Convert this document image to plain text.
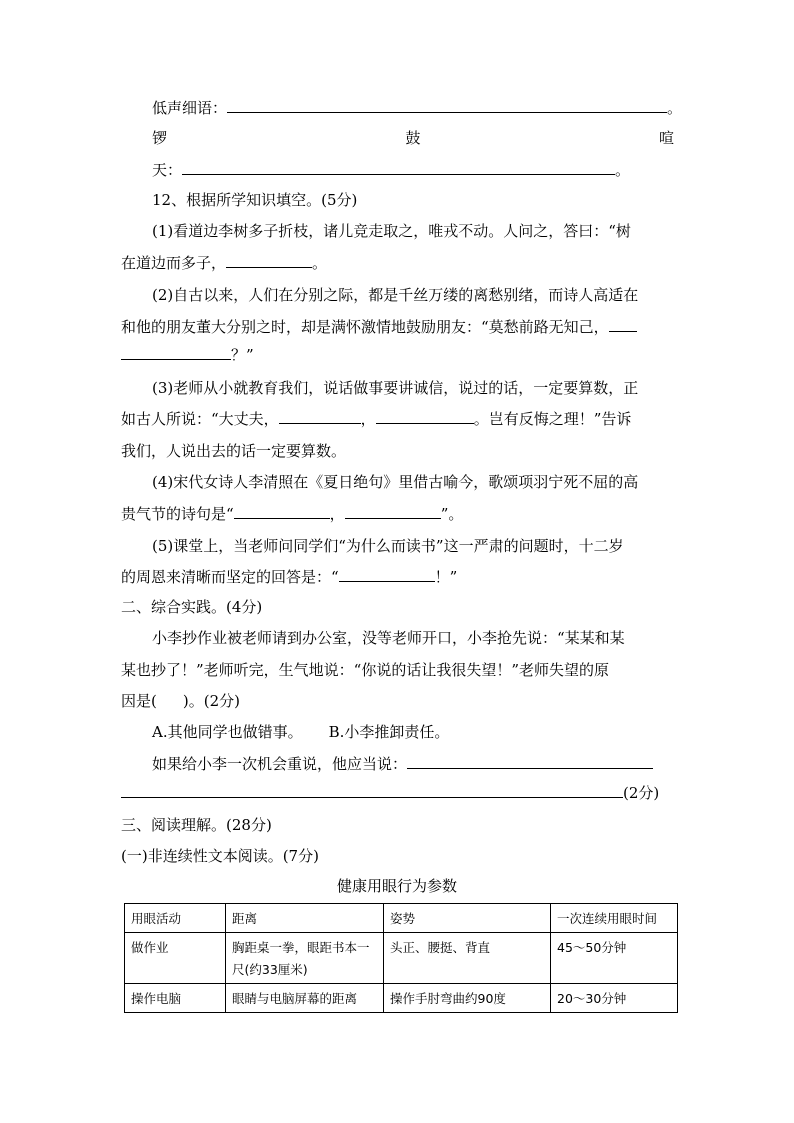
低声细语：	。
锣	鼓	喧
天：	。
12、根据所学知识填空。(5分)
(1)看道边李树多子折枝，诸儿竞走取之，唯戎不动。人问之，答曰：“树
在道边而多子，	。
(2)自古以来，人们在分别之际，都是千丝万缕的离愁别绪，而诗人高适在
和他的朋友董大分别之时，却是满怀激情地鼓励朋友：“莫愁前路无知己，
？”
(3)老师从小就教育我们，说话做事要讲诚信，说过的话，一定要算数，正
如古人所说：“大丈夫，	，	。岂有反悔之理！”告诉
我们，人说出去的话一定要算数。
(4)宋代女诗人李清照在《夏日绝句》里借古喻今，歌颂项羽宁死不屈的高
贵气节的诗句是“	，	”。
(5)课堂上，当老师问同学们“为什么而读书”这一严肃的问题时，十二岁
的周恩来清晰而坚定的回答是：“	！”
二、综合实践。(4分)
小李抄作业被老师请到办公室，没等老师开口，小李抢先说：“某某和某
某也抄了！”老师听完，生气地说：“你说的话让我很失望！”老师失望的原
因是( )。(2分)
A.其他同学也做错事。 B.小李推卸责任。
如果给小李一次机会重说，他应当说：
(2分)
三、阅读理解。(28分)
(一)非连续性文本阅读。(7分)
健康用眼行为参数
用眼活动	距离	姿势	一次连续用眼时间
做作业	胸距桌一拳，眼距书本一尺(约33厘米)	头正、腰挺、背直	45～50分钟
操作电脑	眼睛与电脑屏幕的距离	操作手肘弯曲约90度	20～30分钟
